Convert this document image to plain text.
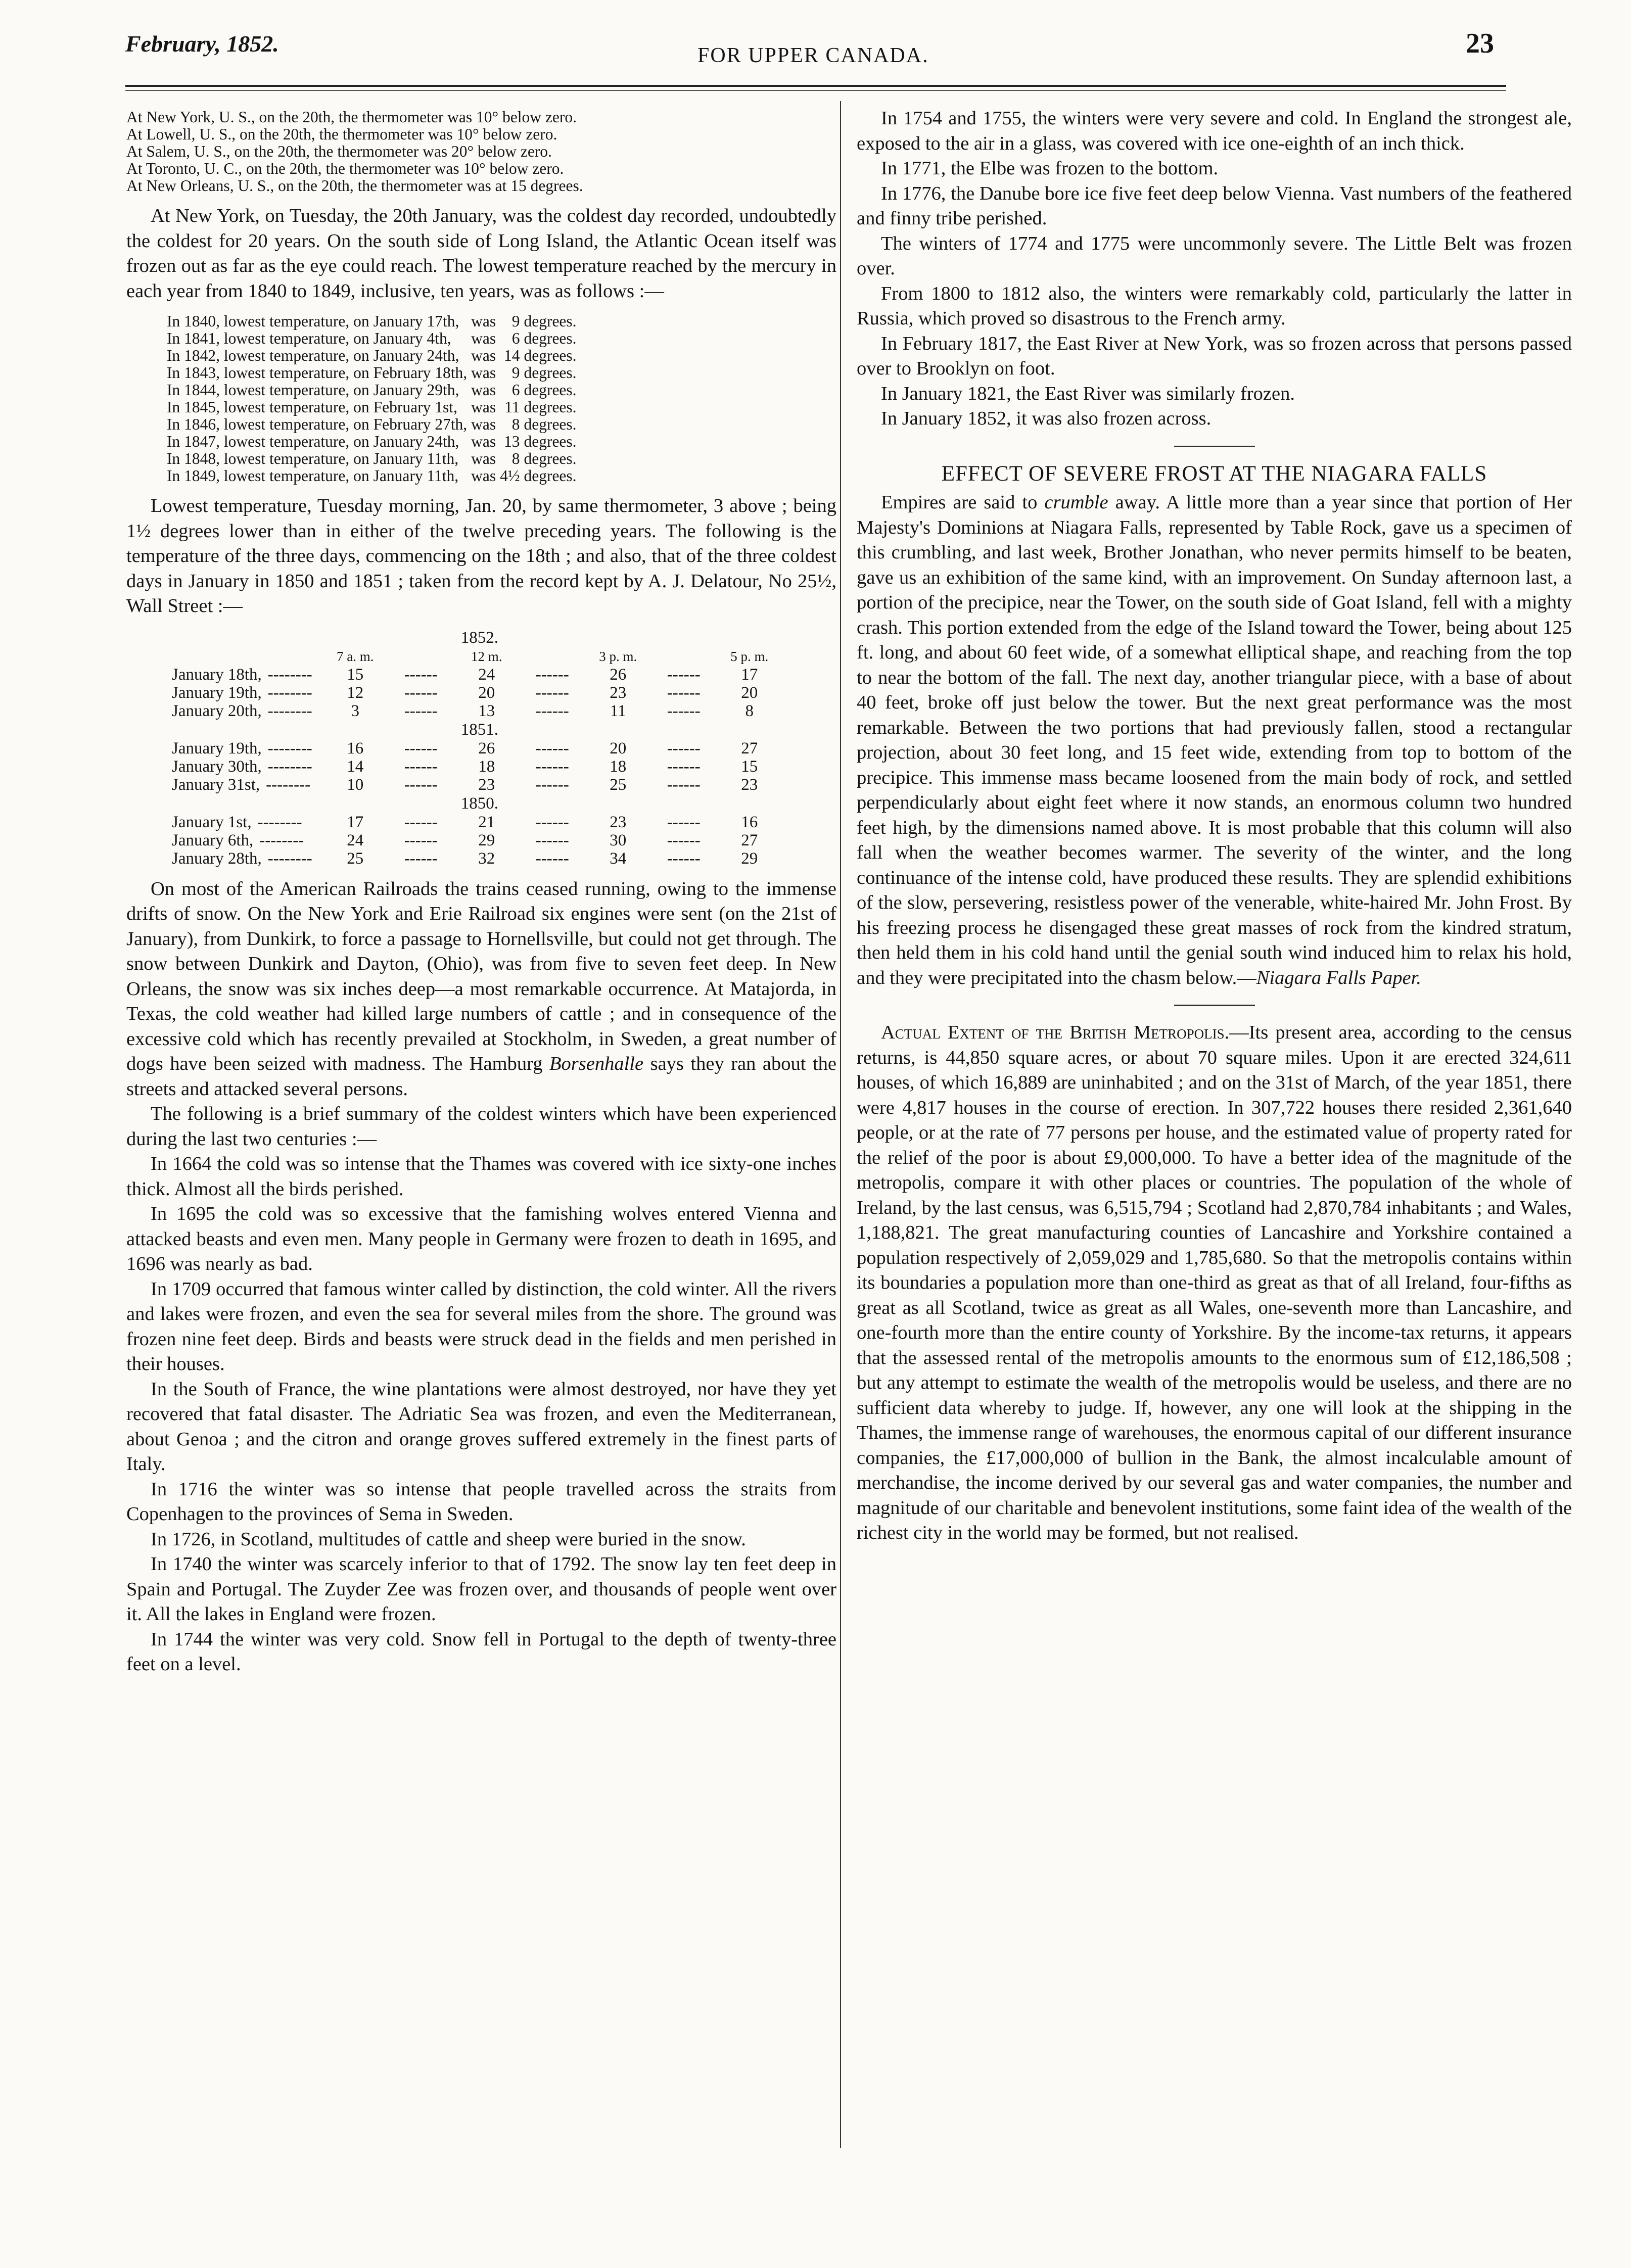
February, 1852.	FOR UPPER CANADA.	23

At New York, U. S., on the 20th, the thermometer was 10° below zero.

At Lowell, U. S., on the 20th, the thermometer was 10° below zero.

At Salem, U. S., on the 20th, the thermometer was 20° below zero.

At Toronto, U. C., on the 20th, the thermometer was 10° below zero.

At New Orleans, U. S., on the 20th, the thermometer was at 15 degrees.

At New York, on Tuesday, the 20th January, was the coldest day recorded, undoubtedly the coldest for 20 years. On the south side of Long Island, the Atlantic Ocean itself was frozen out as far as the eye could reach. The lowest temperature reached by the mercury in each year from 1840 to 1849, inclusive, ten years, was as follows :—

In 1840, lowest temperature, on	January 17th,	was	9	degrees.
In 1841, lowest temperature, on	January 4th,	was	6	degrees.
In 1842, lowest temperature, on	January 24th,	was	14	degrees.
In 1843, lowest temperature, on	February 18th,	was	9	degrees.
In 1844, lowest temperature, on	January 29th,	was	6	degrees.
In 1845, lowest temperature, on	February 1st,	was	11	degrees.
In 1846, lowest temperature, on	February 27th,	was	8	degrees.
In 1847, lowest temperature, on	January 24th,	was	13	degrees.
In 1848, lowest temperature, on	January 11th,	was	8	degrees.
In 1849, lowest temperature, on	January 11th,	was	4½	degrees.

Lowest temperature, Tuesday morning, Jan. 20, by same thermometer, 3 above ; being 1½ degrees lower than in either of the twelve preceding years. The following is the temperature of the three days, commencing on the 18th ; and also, that of the three coldest days in January in 1850 and 1851 ; taken from the record kept by A. J. Delatour, No 25½, Wall Street :—

1852.							
	7 a. m.		12 m.		3 p. m.		5 p. m.
January 18th, --------	15	------	24	------	26	------	17
January 19th, --------	12	------	20	------	23	------	20
January 20th, --------	3	------	13	------	11	------	8
1851.							
January 19th, --------	16	------	26	------	20	------	27
January 30th, --------	14	------	18	------	18	------	15
January 31st, --------	10	------	23	------	25	------	23
1850.							
January 1st, --------	17	------	21	------	23	------	16
January 6th, --------	24	------	29	------	30	------	27
January 28th, --------	25	------	32	------	34	------	29

On most of the American Railroads the trains ceased running, owing to the immense drifts of snow. On the New York and Erie Railroad six engines were sent (on the 21st of January), from Dunkirk, to force a passage to Hornellsville, but could not get through. The snow between Dunkirk and Dayton, (Ohio), was from five to seven feet deep. In New Orleans, the snow was six inches deep—a most remarkable occurrence. At Matajorda, in Texas, the cold weather had killed large numbers of cattle ; and in consequence of the excessive cold which has recently prevailed at Stockholm, in Sweden, a great number of dogs have been seized with madness. The Hamburg Borsenhalle says they ran about the streets and attacked several persons.

The following is a brief summary of the coldest winters which have been experienced during the last two centuries :—

In 1664 the cold was so intense that the Thames was covered with ice sixty-one inches thick. Almost all the birds perished.

In 1695 the cold was so excessive that the famishing wolves entered Vienna and attacked beasts and even men. Many people in Germany were frozen to death in 1695, and 1696 was nearly as bad.

In 1709 occurred that famous winter called by distinction, the cold winter. All the rivers and lakes were frozen, and even the sea for several miles from the shore. The ground was frozen nine feet deep. Birds and beasts were struck dead in the fields and men perished in their houses.

In the South of France, the wine plantations were almost destroyed, nor have they yet recovered that fatal disaster. The Adriatic Sea was frozen, and even the Mediterranean, about Genoa ; and the citron and orange groves suffered extremely in the finest parts of Italy.

In 1716 the winter was so intense that people travelled across the straits from Copenhagen to the provinces of Sema in Sweden.

In 1726, in Scotland, multitudes of cattle and sheep were buried in the snow.

In 1740 the winter was scarcely inferior to that of 1792. The snow lay ten feet deep in Spain and Portugal. The Zuyder Zee was frozen over, and thousands of people went over it. All the lakes in England were frozen.

In 1744 the winter was very cold. Snow fell in Portugal to the depth of twenty-three feet on a level.

In 1754 and 1755, the winters were very severe and cold. In England the strongest ale, exposed to the air in a glass, was covered with ice one-eighth of an inch thick.

In 1771, the Elbe was frozen to the bottom.

In 1776, the Danube bore ice five feet deep below Vienna. Vast numbers of the feathered and finny tribe perished.

The winters of 1774 and 1775 were uncommonly severe. The Little Belt was frozen over.

From 1800 to 1812 also, the winters were remarkably cold, particularly the latter in Russia, which proved so disastrous to the French army.

In February 1817, the East River at New York, was so frozen across that persons passed over to Brooklyn on foot.

In January 1821, the East River was similarly frozen.

In January 1852, it was also frozen across.

EFFECT OF SEVERE FROST AT THE NIAGARA FALLS

Empires are said to crumble away. A little more than a year since that portion of Her Majesty's Dominions at Niagara Falls, represented by Table Rock, gave us a specimen of this crumbling, and last week, Brother Jonathan, who never permits himself to be beaten, gave us an exhibition of the same kind, with an improvement. On Sunday afternoon last, a portion of the precipice, near the Tower, on the south side of Goat Island, fell with a mighty crash. This portion extended from the edge of the Island toward the Tower, being about 125 ft. long, and about 60 feet wide, of a somewhat elliptical shape, and reaching from the top to near the bottom of the fall. The next day, another triangular piece, with a base of about 40 feet, broke off just below the tower. But the next great performance was the most remarkable. Between the two portions that had previously fallen, stood a rectangular projection, about 30 feet long, and 15 feet wide, extending from top to bottom of the precipice. This immense mass became loosened from the main body of rock, and settled perpendicularly about eight feet where it now stands, an enormous column two hundred feet high, by the dimensions named above. It is most probable that this column will also fall when the weather becomes warmer. The severity of the winter, and the long continuance of the intense cold, have produced these results. They are splendid exhibitions of the slow, persevering, resistless power of the venerable, white-haired Mr. John Frost. By his freezing process he disengaged these great masses of rock from the kindred stratum, then held them in his cold hand until the genial south wind induced him to relax his hold, and they were precipitated into the chasm below.—Niagara Falls Paper.

Actual Extent of the British Metropolis.—Its present area, according to the census returns, is 44,850 square acres, or about 70 square miles. Upon it are erected 324,611 houses, of which 16,889 are uninhabited ; and on the 31st of March, of the year 1851, there were 4,817 houses in the course of erection. In 307,722 houses there resided 2,361,640 people, or at the rate of 77 persons per house, and the estimated value of property rated for the relief of the poor is about £9,000,000. To have a better idea of the magnitude of the metropolis, compare it with other places or countries. The population of the whole of Ireland, by the last census, was 6,515,794 ; Scotland had 2,870,784 inhabitants ; and Wales, 1,188,821. The great manufacturing counties of Lancashire and Yorkshire contained a population respectively of 2,059,029 and 1,785,680. So that the metropolis contains within its boundaries a population more than one-third as great as that of all Ireland, four-fifths as great as all Scotland, twice as great as all Wales, one-seventh more than Lancashire, and one-fourth more than the entire county of Yorkshire. By the income-tax returns, it appears that the assessed rental of the metropolis amounts to the enormous sum of £12,186,508 ; but any attempt to estimate the wealth of the metropolis would be useless, and there are no sufficient data whereby to judge. If, however, any one will look at the shipping in the Thames, the immense range of warehouses, the enormous capital of our different insurance companies, the £17,000,000 of bullion in the Bank, the almost incalculable amount of merchandise, the income derived by our several gas and water companies, the number and magnitude of our charitable and benevolent institutions, some faint idea of the wealth of the richest city in the world may be formed, but not realised.
